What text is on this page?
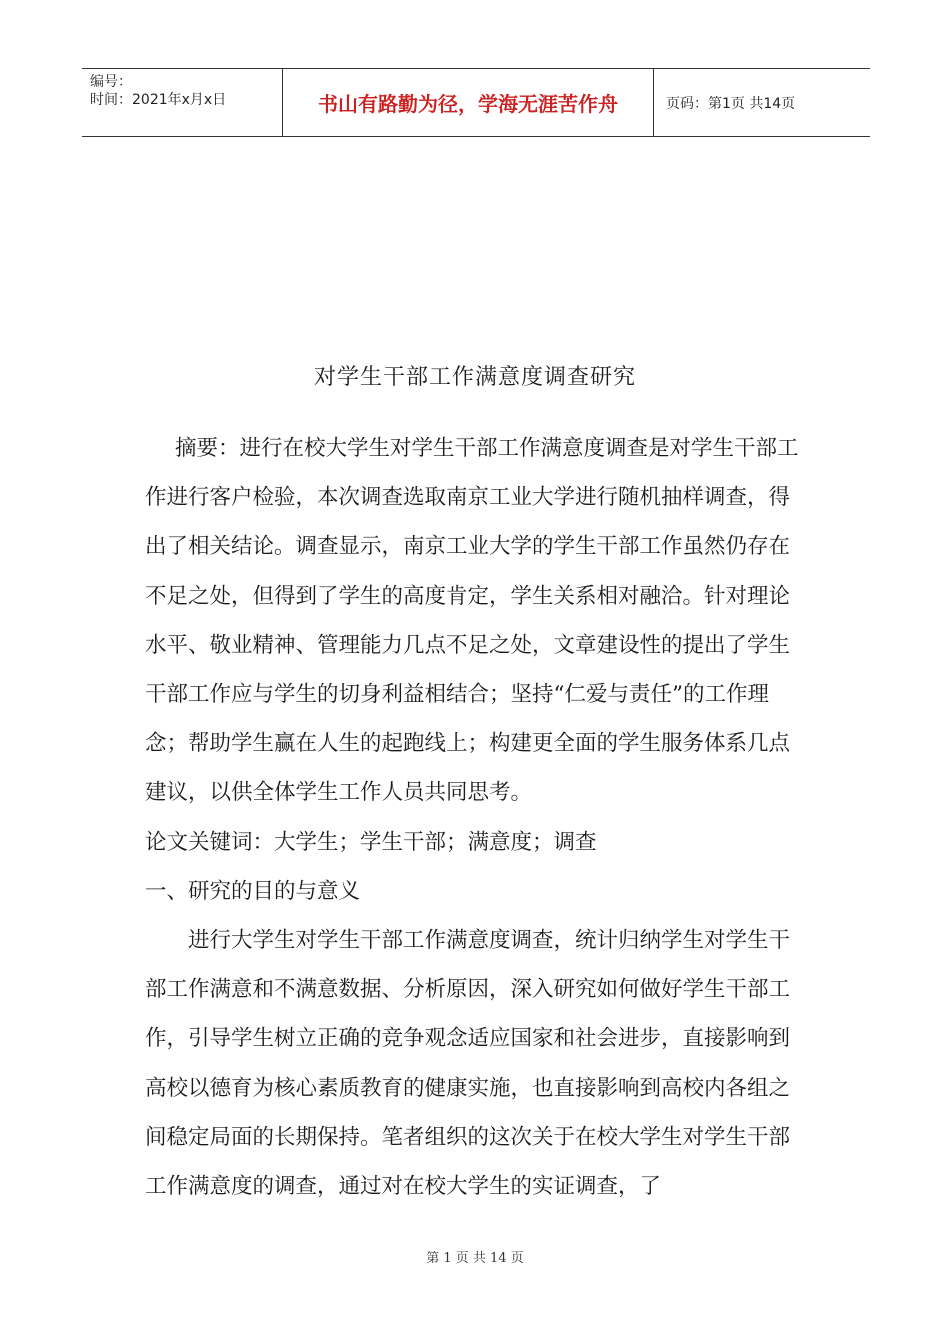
编号：
时间：2021年x月x日	书山有路勤为径，学海无涯苦作舟	页码：第1页 共14页
对学生干部工作满意度调查研究

摘要：进行在校大学生对学生干部工作满意度调查是对学生干部工作进行客户检验，本次调查选取南京工业大学进行随机抽样调查，得出了相关结论。调查显示，南京工业大学的学生干部工作虽然仍存在不足之处，但得到了学生的高度肯定，学生关系相对融洽。针对理论水平、敬业精神、管理能力几点不足之处，文章建设性的提出了学生干部工作应与学生的切身利益相结合；坚持“仁爱与责任”的工作理念；帮助学生赢在人生的起跑线上；构建更全面的学生服务体系几点建议，以供全体学生工作人员共同思考。

论文关键词：大学生；学生干部；满意度；调查

一、研究的目的与意义

进行大学生对学生干部工作满意度调查，统计归纳学生对学生干部工作满意和不满意数据、分析原因，深入研究如何做好学生干部工作，引导学生树立正确的竞争观念适应国家和社会进步，直接影响到高校以德育为核心素质教育的健康实施，也直接影响到高校内各组之间稳定局面的长期保持。笔者组织的这次关于在校大学生对学生干部工作满意度的调查，通过对在校大学生的实证调查，了

第 1 页 共 14 页
